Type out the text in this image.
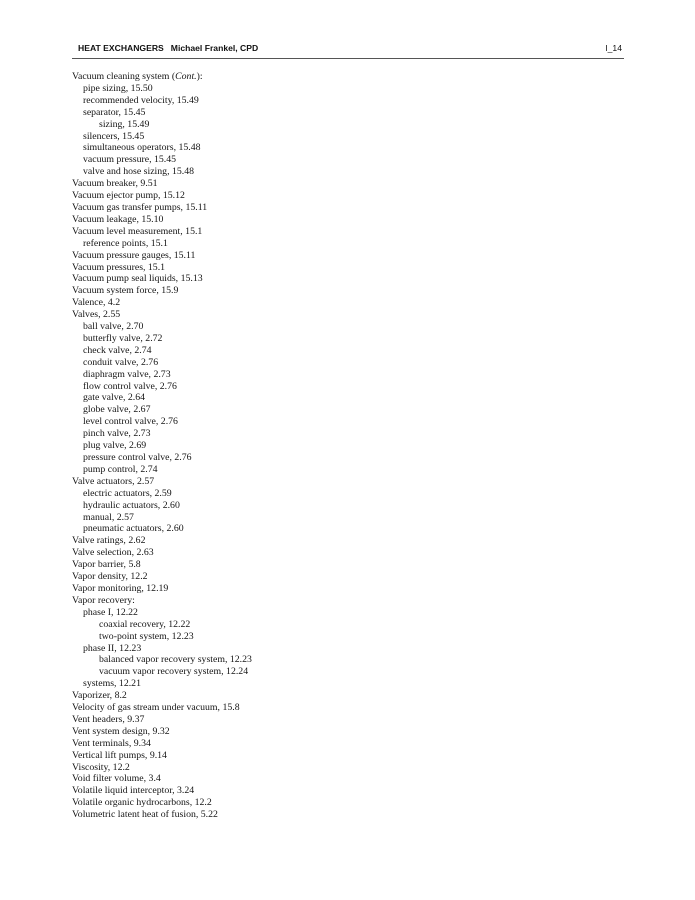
HEAT EXCHANGERS Michael Frankel, CPD	I_14
Vacuum cleaning system (Cont.):
pipe sizing, 15.50
recommended velocity, 15.49
separator, 15.45
sizing, 15.49
silencers, 15.45
simultaneous operators, 15.48
vacuum pressure, 15.45
valve and hose sizing, 15.48
Vacuum breaker, 9.51
Vacuum ejector pump, 15.12
Vacuum gas transfer pumps, 15.11
Vacuum leakage, 15.10
Vacuum level measurement, 15.1
reference points, 15.1
Vacuum pressure gauges, 15.11
Vacuum pressures, 15.1
Vacuum pump seal liquids, 15.13
Vacuum system force, 15.9
Valence, 4.2
Valves, 2.55
ball valve, 2.70
butterfly valve, 2.72
check valve, 2.74
conduit valve, 2.76
diaphragm valve, 2.73
flow control valve, 2.76
gate valve, 2.64
globe valve, 2.67
level control valve, 2.76
pinch valve, 2.73
plug valve, 2.69
pressure control valve, 2.76
pump control, 2.74
Valve actuators, 2.57
electric actuators, 2.59
hydraulic actuators, 2.60
manual, 2.57
pneumatic actuators, 2.60
Valve ratings, 2.62
Valve selection, 2.63
Vapor barrier, 5.8
Vapor density, 12.2
Vapor monitoring, 12.19
Vapor recovery:
phase I, 12.22
coaxial recovery, 12.22
two-point system, 12.23
phase II, 12.23
balanced vapor recovery system, 12.23
vacuum vapor recovery system, 12.24
systems, 12.21
Vaporizer, 8.2
Velocity of gas stream under vacuum, 15.8
Vent headers, 9.37
Vent system design, 9.32
Vent terminals, 9.34
Vertical lift pumps, 9.14
Viscosity, 12.2
Void filter volume, 3.4
Volatile liquid interceptor, 3.24
Volatile organic hydrocarbons, 12.2
Volumetric latent heat of fusion, 5.22
